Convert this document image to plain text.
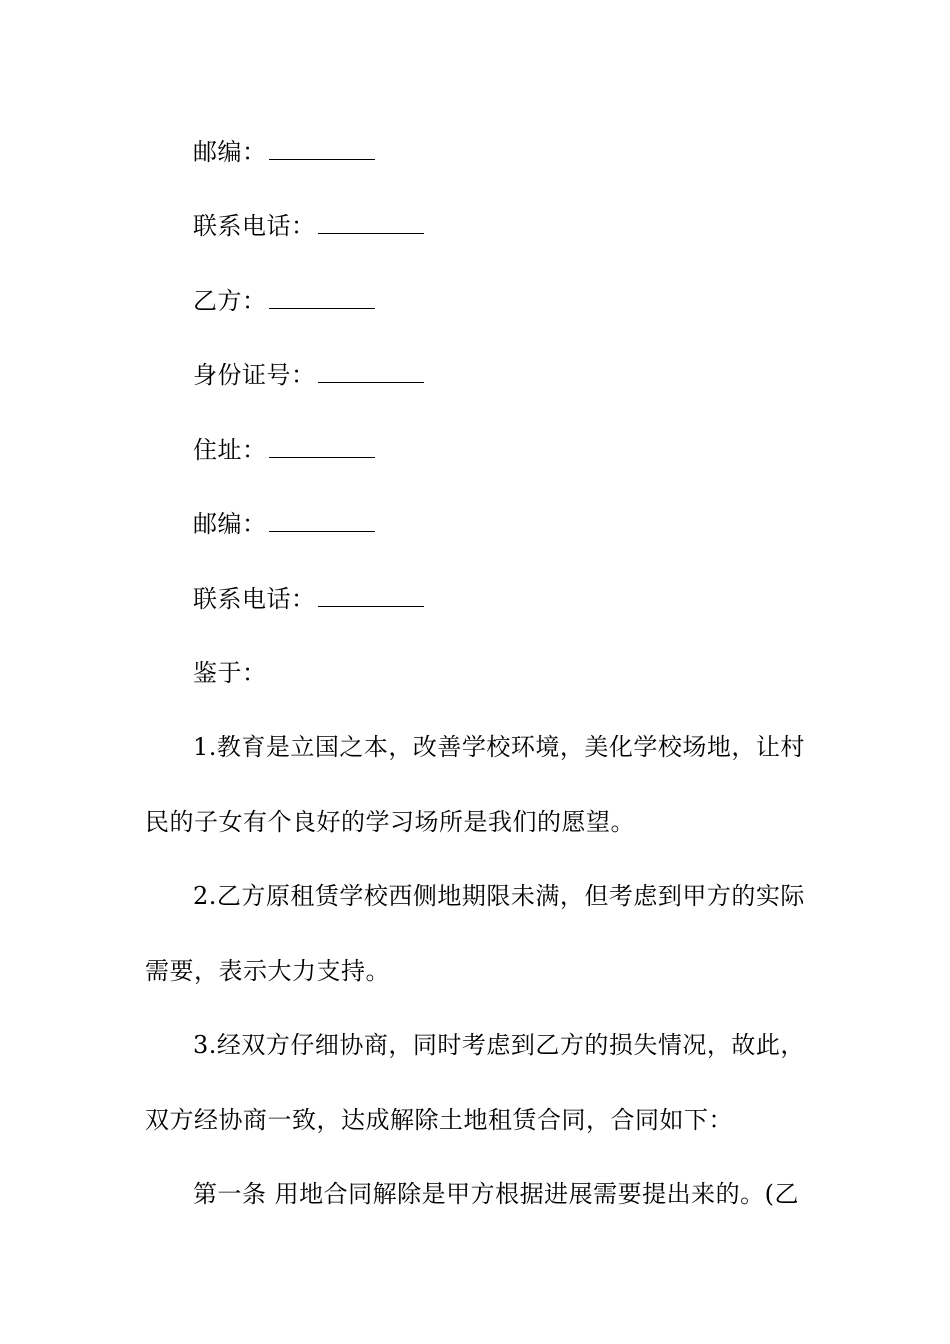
邮编：
联系电话：
乙方：
身份证号：
住址：
邮编：
联系电话：
鉴于：
1.教育是立国之本，改善学校环境，美化学校场地，让村
民的子女有个良好的学习场所是我们的愿望。
2.乙方原租赁学校西侧地期限未满，但考虑到甲方的实际
需要，表示大力支持。
3.经双方仔细协商，同时考虑到乙方的损失情况，故此，
双方经协商一致，达成解除土地租赁合同，合同如下：
第一条 用地合同解除是甲方根据进展需要提出来的。(乙
